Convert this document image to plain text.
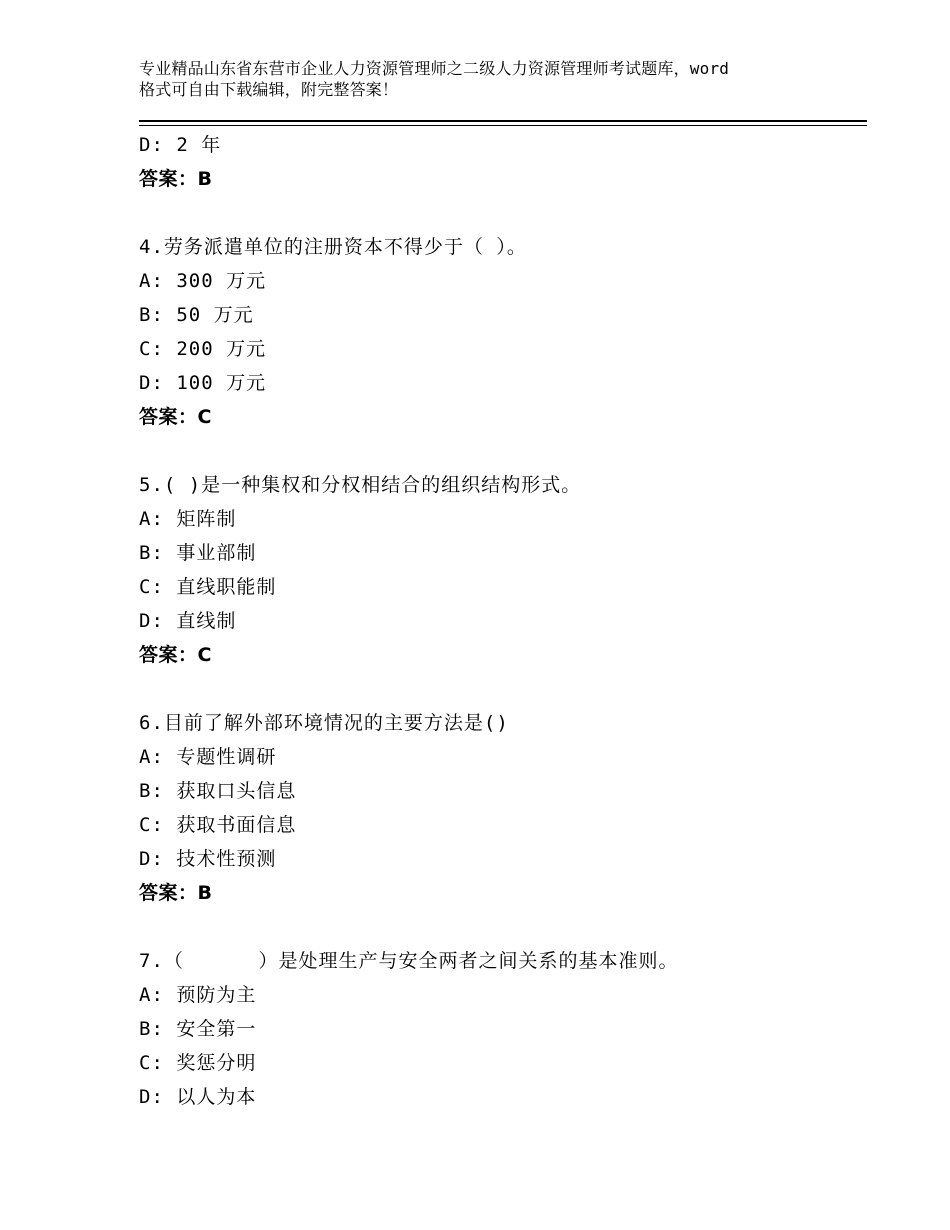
专业精品山东省东营市企业人力资源管理师之二级人力资源管理师考试题库，word
格式可自由下载编辑，附完整答案！
D: 2 年
答案：B
4.劳务派遣单位的注册资本不得少于（ ）。
A: 300 万元
B: 50 万元
C: 200 万元
D: 100 万元
答案：C
5.( )是一种集权和分权相结合的组织结构形式。
A: 矩阵制
B: 事业部制
C: 直线职能制
D: 直线制
答案：C
6.目前了解外部环境情况的主要方法是()
A: 专题性调研
B: 获取口头信息
C: 获取书面信息
D: 技术性预测
答案：B
7.（      ）是处理生产与安全两者之间关系的基本准则。
A: 预防为主
B: 安全第一
C: 奖惩分明
D: 以人为本
